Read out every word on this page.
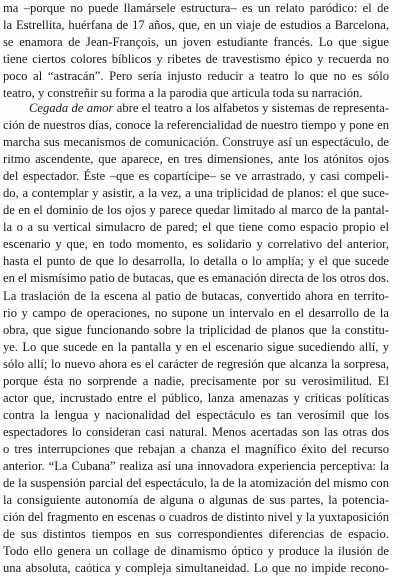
ma –porque no puede llamársele estructura– es un relato paródico: el de
la Estrellita, huérfana de 17 años, que, en un viaje de estudios a Barcelona,
se enamora de Jean-François, un joven estudiante francés. Lo que sigue
tiene ciertos colores bíblicos y ribetes de travestismo épico y recuerda no
poco al “astracán”. Pero sería injusto reducir a teatro lo que no es sólo
teatro, y constreñir su forma a la parodia que articula toda su narración.
Cegada de amor abre el teatro a los alfabetos y sistemas de representa-
ción de nuestros días, conoce la referencialidad de nuestro tiempo y pone en
marcha sus mecanismos de comunicación. Construye así un espectáculo, de
ritmo ascendente, que aparece, en tres dimensiones, ante los atónitos ojos
del espectador. Éste –que es copartícipe– se ve arrastrado, y casi compeli-
do, a contemplar y asistir, a la vez, a una triplicidad de planos: el que suce-
de en el dominio de los ojos y parece quedar limitado al marco de la pantal-
la o a su vertical simulacro de pared; el que tiene como espacio propio el
escenario y que, en todo momento, es solidario y correlativo del anterior,
hasta el punto de que lo desarrolla, lo detalla o lo amplía; y el que sucede
en el mismísimo patio de butacas, que es emanación directa de los otros dos.
La traslación de la escena al patio de butacas, convertido ahora en territo-
rio y campo de operaciones, no supone un intervalo en el desarrollo de la
obra, que sigue funcionando sobre la triplicidad de planos que la constitu-
ye. Lo que sucede en la pantalla y en el escenario sigue sucediendo allí, y
sólo allí; lo nuevo ahora es el carácter de regresión que alcanza la sorpresa,
porque ésta no sorprende a nadie, precisamente por su verosimilitud. El
actor que, incrustado entre el público, lanza amenazas y críticas políticas
contra la lengua y nacionalidad del espectáculo es tan verosímil que los
espectadores lo consideran casi natural. Menos acertadas son las otras dos
o tres interrupciones que rebajan a chanza el magnífico éxito del recurso
anterior. “La Cubana” realiza así una innovadora experiencia perceptiva: la
de la suspensión parcial del espectáculo, la de la atomización del mismo con
la consiguiente autonomía de alguna o algunas de sus partes, la potencia-
ción del fragmento en escenas o cuadros de distinto nivel y la yuxtaposición
de sus distintos tiempos en sus correspondientes diferencias de espacio.
Todo ello genera un collage de dinamismo óptico y produce la ilusión de
una absoluta, caótica y compleja simultaneidad. Lo que no impide recono-
